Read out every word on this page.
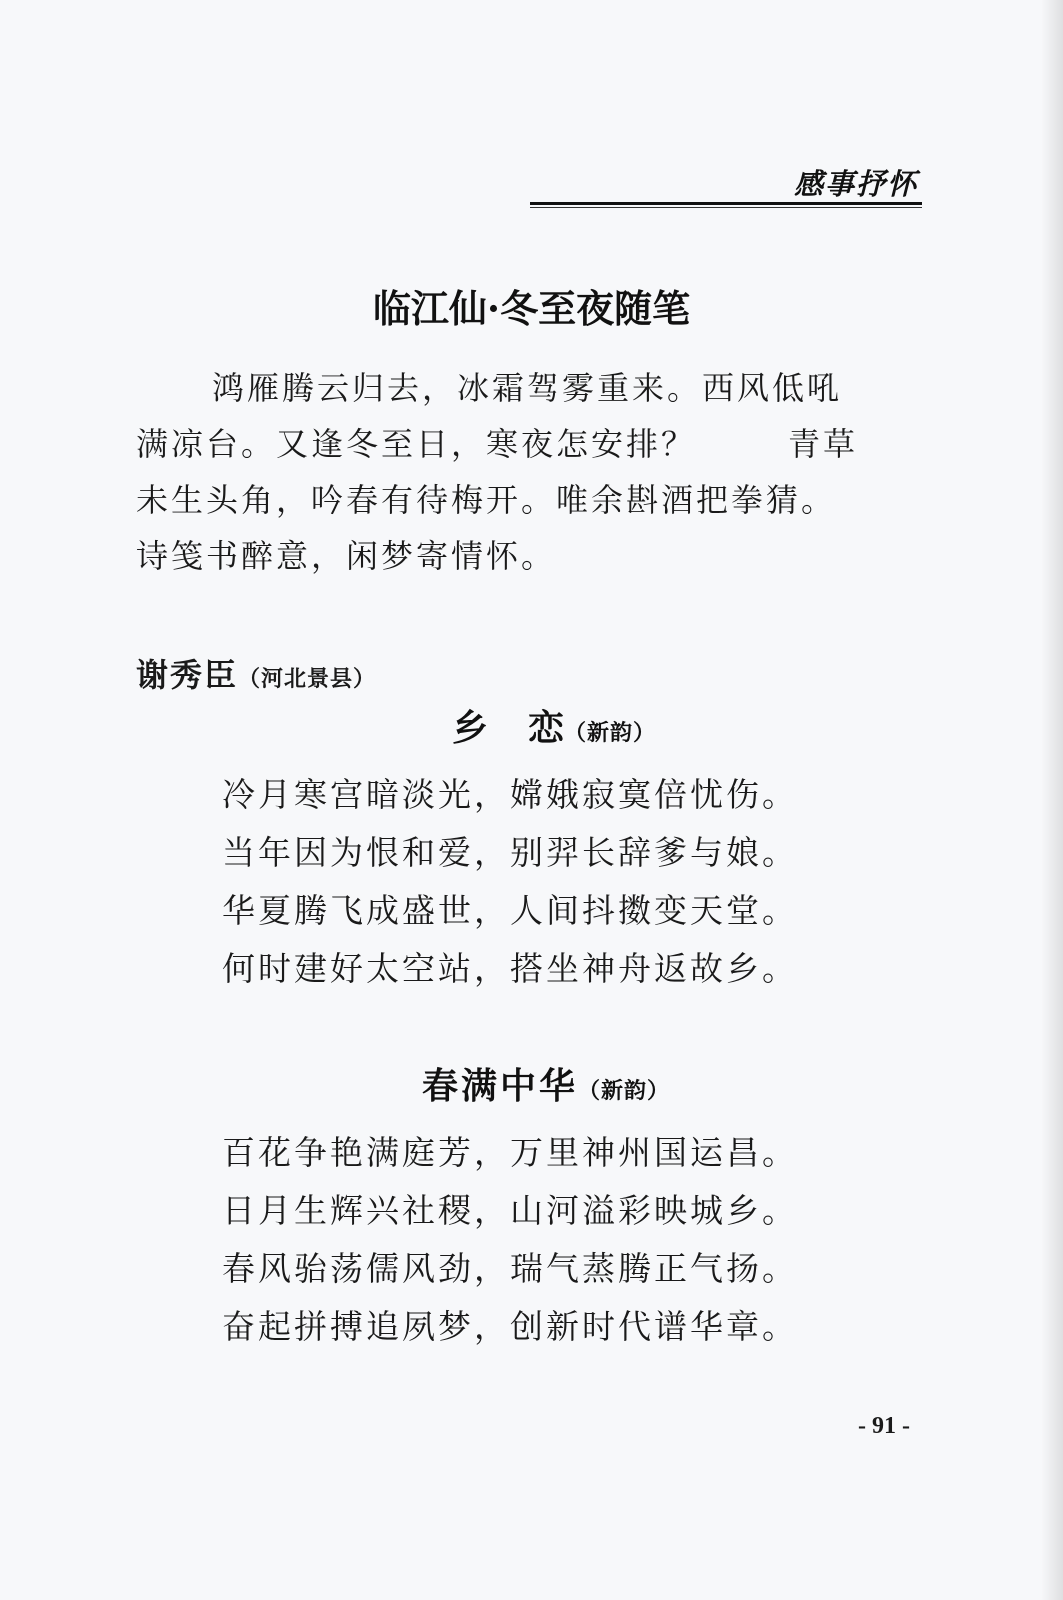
感事抒怀
临江仙·冬至夜随笔
鸿雁腾云归去，冰霜驾雾重来。西风低吼
满凉台。又逢冬至日，寒夜怎安排？	青草
未生头角，吟春有待梅开。唯余斟酒把拳猜。
诗笺书醉意，闲梦寄情怀。
谢秀臣（河北景县）
乡恋（新韵）
冷月寒宫暗淡光，嫦娥寂寞倍忧伤。
当年因为恨和爱，别羿长辞爹与娘。
华夏腾飞成盛世，人间抖擞变天堂。
何时建好太空站，搭坐神舟返故乡。
春满中华（新韵）
百花争艳满庭芳，万里神州国运昌。
日月生辉兴社稷，山河溢彩映城乡。
春风骀荡儒风劲，瑞气蒸腾正气扬。
奋起拼搏追夙梦，创新时代谱华章。
- 91 -
